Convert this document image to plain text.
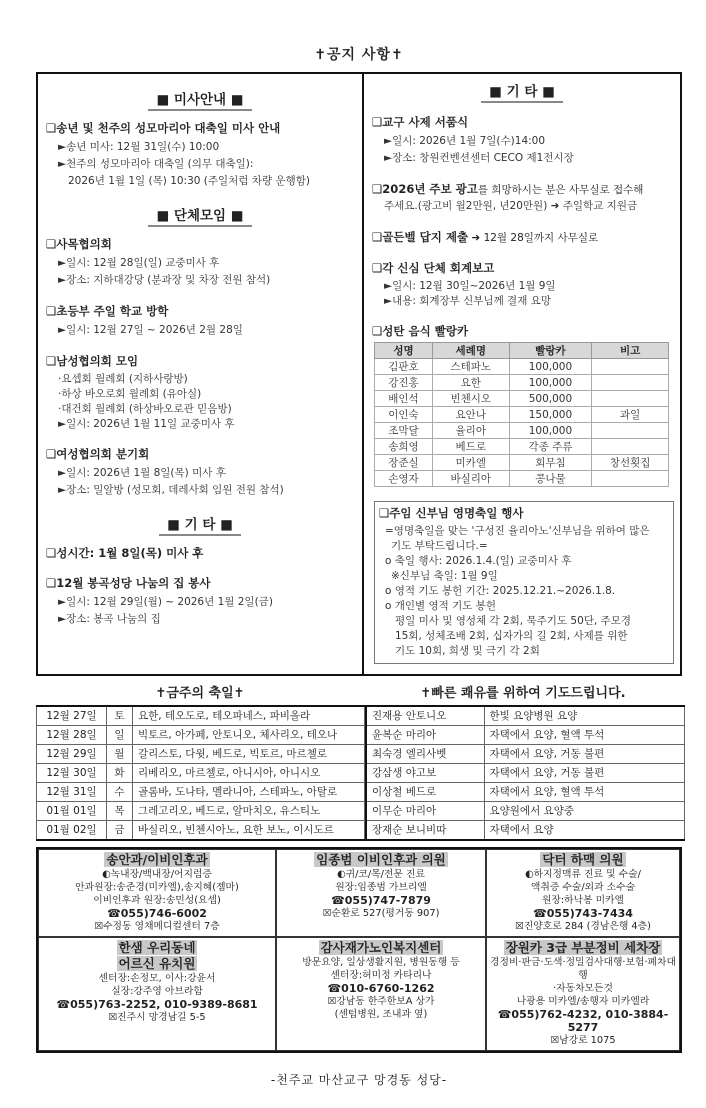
✝공지 사항✝
■ 미사안내 ■
❑송년 및 천주의 성모마리아 대축일 미사 안내
►송년 미사: 12월 31일(수) 10:00
►천주의 성모마리아 대축일 (의무 대축일):
2026년 1월 1일 (목) 10:30 (주일처럼 차량 운행함)
■ 단체모임 ■
❑사목협의회
►일시: 12월 28일(일) 교중미사 후
►장소: 지하대강당 (분과장 및 차장 전원 참석)
❑초등부 주일 학교 방학
►일시: 12월 27일 ~ 2026년 2월 28일
❑남성협의회 모임
·요셉회 월례회 (지하사랑방)
·하상 바오로회 월례회 (유아실)
·대건회 월례회 (하상바오로관 믿음방)
►일시: 2026년 1월 11일 교중미사 후
❑여성협의회 분기회
►일시: 2026년 1월 8일(목) 미사 후
►장소: 밀알방 (성모회, 데레사회 임원 전원 참석)
■ 기 타 ■
❑성시간: 1월 8일(목) 미사 후
❑12월 봉곡성당 나눔의 집 봉사
►일시: 12월 29일(월) ~ 2026년 1월 2일(금)
►장소: 봉곡 나눔의 집
■ 기 타 ■
❑교구 사제 서품식
►일시: 2026년 1월 7일(수)14:00
►장소: 창원컨벤션센터 CECO 제1전시장
❑2026년 주보 광고를 희망하시는 분은 사무실로 접수해
주세요.(광고비 월2만원, 년20만원) ➜ 주일학교 지원금
❑골든벨 답지 제출 ➜ 12월 28일까지 사무실로
❑각 신심 단체 회계보고
►일시: 12월 30일~2026년 1월 9일
►내용: 회계장부 신부님께 결재 요망
❑성탄 음식 빨랑카
성명	세례명	빨랑카	비고
김판호	스테파노	100,000	
강진홍	요한	100,000	
배인석	빈첸시오	500,000	
이인숙	요안나	150,000	과일
조막달	율리아	100,000	
송희영	베드로	각종 주류	
장준실	미카엘	회무침	창선횟집
손영자	바실리아	콩나물	
❑주임 신부님 영명축일 행사
=영명축일을 맞는 '구성진 율리아노'신부님을 위하여 많은
기도 부탁드립니다.=
o 축일 행사: 2026.1.4.(일) 교중미사 후
※신부님 축일: 1월 9일
o 영적 기도 봉헌 기간: 2025.12.21.~2026.1.8.
o 개인별 영적 기도 봉헌
평일 미사 및 영성체 각 2회, 묵주기도 50단, 주모경
15회, 성체조배 2회, 십자가의 길 2회, 사제를 위한
기도 10회, 희생 및 극기 각 2회
✝금주의 축일✝	✝빠른 쾌유를 위하여 기도드립니다.
12월 27일	토	요한, 테오도로, 테오파네스, 파비올라
12월 28일	일	빅토르, 아가페, 안토니오, 체사리오, 테오나
12월 29일	월	갈리스토, 다윗, 베드로, 빅토르, 마르첼로
12월 30일	화	리베리오, 마르첼로, 아니시아, 아니시오
12월 31일	수	골롬바, 도나타, 멜라니아, 스테파노, 아탈로
01월 01일	목	그레고리오, 베드로, 알마치오, 유스티노
01월 02일	금	바실리오, 빈첸시아노, 요한 보노, 이시도르
진재용 안토니오	한빛 요양병원 요양
윤복순 마리아	자택에서 요양, 혈액 투석
최숙경 엘리사벳	자택에서 요양, 거동 불편
강삼생 야고보	자택에서 요양, 거동 불편
이상철 베드로	자택에서 요양, 혈액 투석
이무순 마리아	요양원에서 요양중
장재순 보니비따	자택에서 요양
송안과/이비인후과
◐녹내장/백내장/어지럼증
안과원장:송준경(미카엘),송지혜(젬마)
이비인후과 원장:송민성(요셉)
☎055)746-6002
☒수정동 영채메디컬센터 7층
임종범 이비인후과 의원
◐귀/코/목/전문 진료
원장:임종범 가브리엘
☎055)747-7879
☒순환로 527(평거동 907)
닥터 하맥 의원
◐하지정맥류 진료 및 수술/
액취증 수술/외과 소수술
원장:하낙봉 미카엘
☎055)743-7434
☒진양호로 284 (경남은행 4층)
한샘 우리동네
어르신 유치원
센터장:손정모, 이사:강윤서
실장:강주영 아브라함
☎055)763-2252, 010-9389-8681
☒진주시 망경남길 5-5
감사재가노인복지센터
방문요양, 일상생활지원, 병원동행 등
센터장:허미정 카타리나
☎010-6760-1262
☒강남동 한주한보A 상가
(센텀병원, 조내과 옆)
장원카 3급 부분정비 세차장
경정비·판금·도색·정밀검사대행·보험·폐차대행
·자동차모든것
나광용 미카엘/송행자 미카엘라
☎055)762-4232, 010-3884-5277
☒남강로 1075
-천주교 마산교구 망경동 성당-
